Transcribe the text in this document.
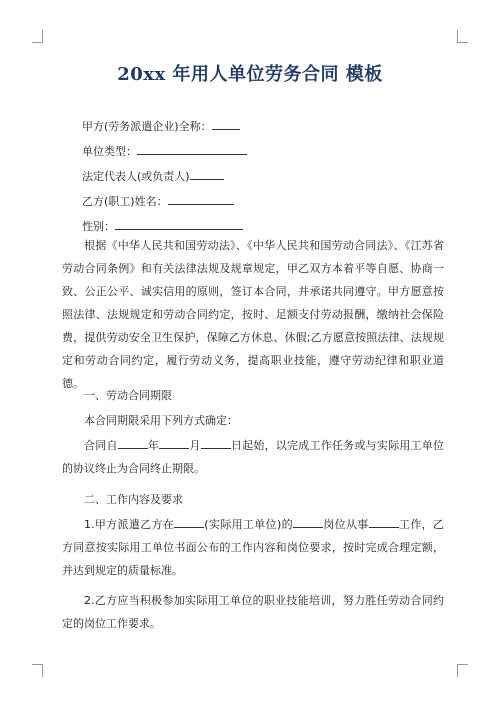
20xx 年用人单位劳务合同 模板
甲方(劳务派遣企业)全称：
单位类型：
法定代表人(或负责人)
乙方(职工)姓名：
性别：

根据《中华人民共和国劳动法》、《中华人民共和国劳动合同法》、《江苏省劳动合同条例》和有关法律法规及规章规定，甲乙双方本着平等自愿、协商一致、公正公平、诚实信用的原则，签订本合同，并承诺共同遵守。甲方愿意按照法律、法规规定和劳动合同约定，按时、足额支付劳动报酬，缴纳社会保险费，提供劳动安全卫生保护，保障乙方休息、休假;乙方愿意按照法律、法规规定和劳动合同约定，履行劳动义务，提高职业技能，遵守劳动纪律和职业道德。

一、劳动合同期限

本合同期限采用下列方式确定：

合同自	年	月	日起始，以完成工作任务或与实际用工单位的协议终止为合同终止期限。

二、工作内容及要求

1.甲方派遣乙方在	(实际用工单位)的	岗位从事	工作，乙方同意按实际用工单位书面公布的工作内容和岗位要求，按时完成合理定额，并达到规定的质量标准。

2.乙方应当积极参加实际用工单位的职业技能培训，努力胜任劳动合同约定的岗位工作要求。
